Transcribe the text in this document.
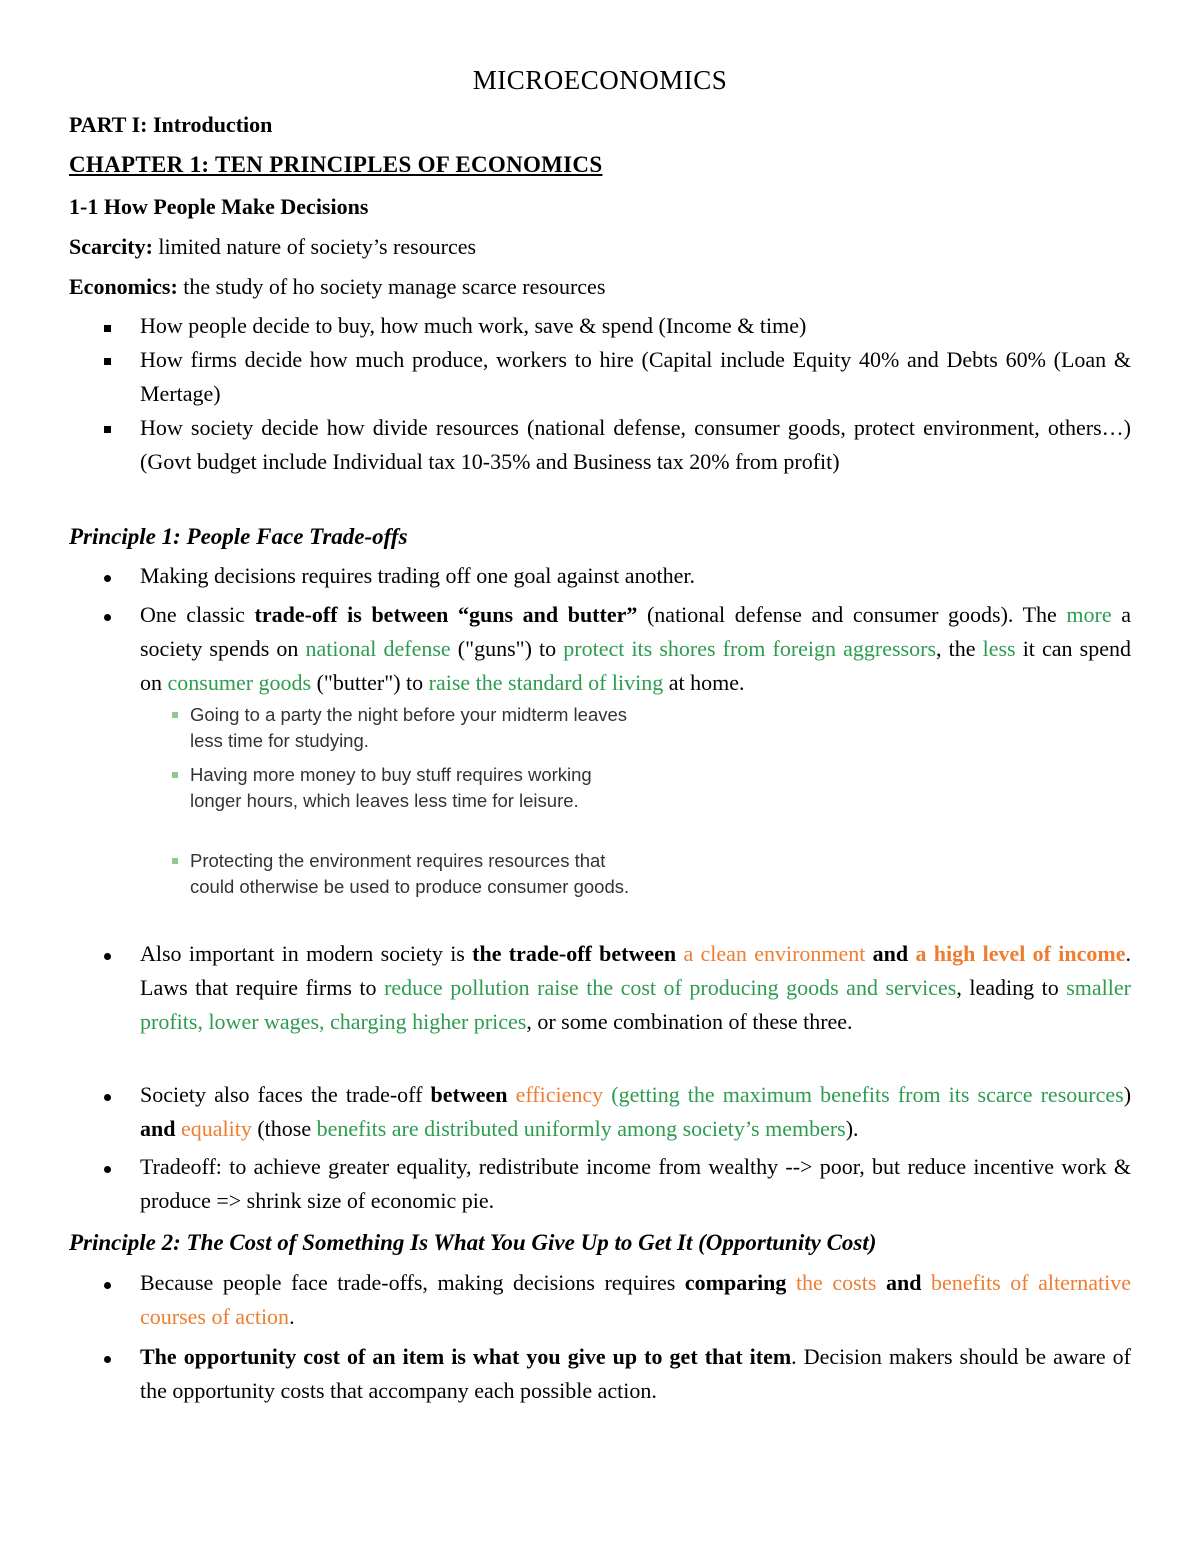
MICROECONOMICS
PART I: Introduction
CHAPTER 1: TEN PRINCIPLES OF ECONOMICS
1-1 How People Make Decisions
Scarcity: limited nature of society’s resources
Economics: the study of ho society manage scarce resources
How people decide to buy, how much work, save & spend (Income & time)
How firms decide how much produce, workers to hire (Capital include Equity 40% and Debts 60% (Loan & Mertage)
How society decide how divide resources (national defense, consumer goods, protect environment, others…) (Govt budget include Individual tax 10-35% and Business tax 20% from profit)
Principle 1: People Face Trade-offs
Making decisions requires trading off one goal against another.
One classic trade-off is between “guns and butter” (national defense and consumer goods). The more a society spends on national defense ("guns") to protect its shores from foreign aggressors, the less it can spend on consumer goods ("butter") to raise the standard of living at home.
Going to a party the night before your midterm leaves less time for studying.
Having more money to buy stuff requires working longer hours, which leaves less time for leisure.
Protecting the environment requires resources that could otherwise be used to produce consumer goods.
Also important in modern society is the trade-off between a clean environment and a high level of income. Laws that require firms to reduce pollution raise the cost of producing goods and services, leading to smaller profits, lower wages, charging higher prices, or some combination of these three.
Society also faces the trade-off between efficiency (getting the maximum benefits from its scarce resources) and equality (those benefits are distributed uniformly among society’s members).
Tradeoff: to achieve greater equality, redistribute income from wealthy --> poor, but reduce incentive work & produce => shrink size of economic pie.
Principle 2: The Cost of Something Is What You Give Up to Get It (Opportunity Cost)
Because people face trade-offs, making decisions requires comparing the costs and benefits of alternative courses of action.
The opportunity cost of an item is what you give up to get that item. Decision makers should be aware of the opportunity costs that accompany each possible action.
